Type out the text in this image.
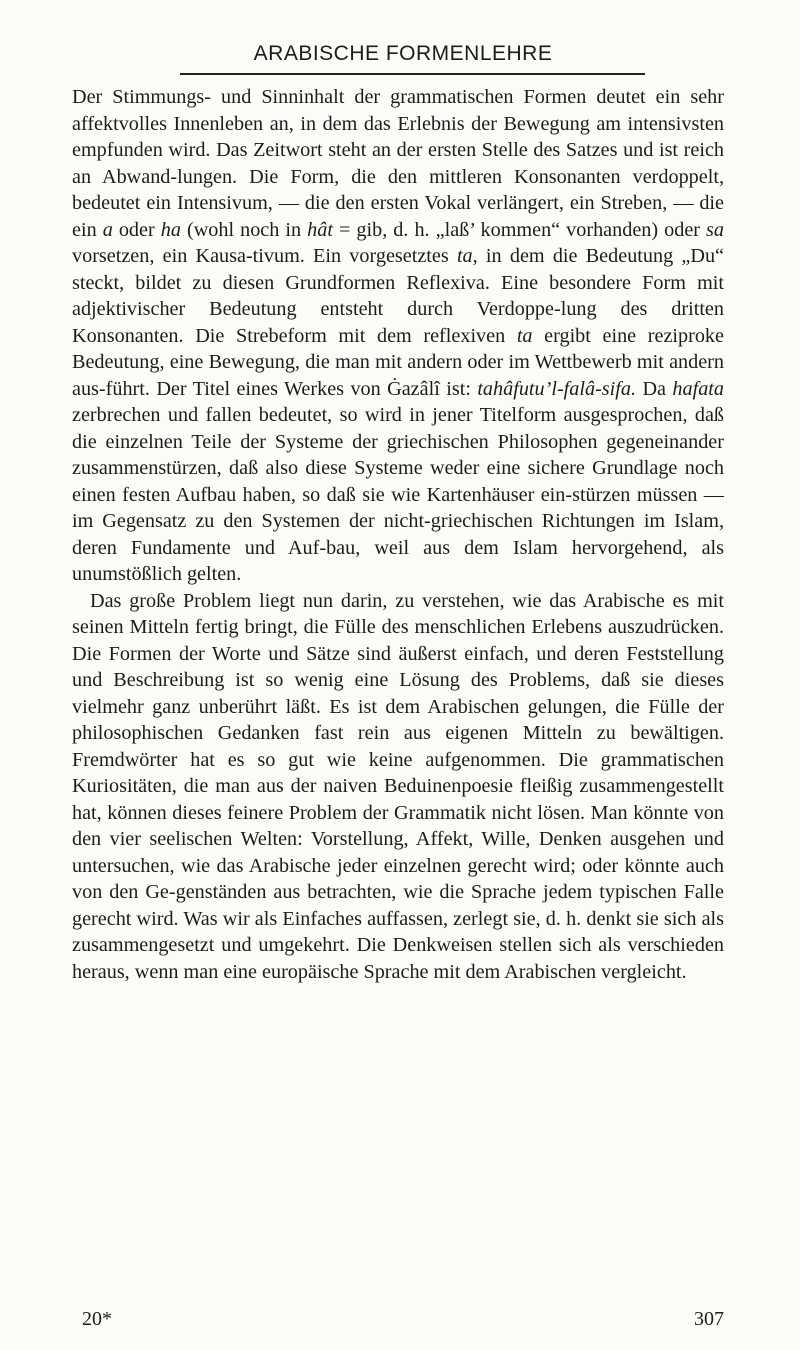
ARABISCHE FORMENLEHRE

Der Stimmungs- und Sinninhalt der grammatischen Formen deutet ein sehr affektvolles Innenleben an, in dem das Erlebnis der Bewegung am intensivsten empfunden wird. Das Zeitwort steht an der ersten Stelle des Satzes und ist reich an Abwand-lungen. Die Form, die den mittleren Konsonanten verdoppelt, bedeutet ein Intensivum, — die den ersten Vokal verlängert, ein Streben, — die ein a oder ha (wohl noch in hât = gib, d. h. „laß’ kommen“ vorhanden) oder sa vorsetzen, ein Kausa-tivum. Ein vorgesetztes ta, in dem die Bedeutung „Du“ steckt, bildet zu diesen Grundformen Reflexiva. Eine besondere Form mit adjektivischer Bedeutung entsteht durch Verdoppe-lung des dritten Konsonanten. Die Strebeform mit dem reflexiven ta ergibt eine reziproke Bedeutung, eine Bewegung, die man mit andern oder im Wettbewerb mit andern aus-führt. Der Titel eines Werkes von Ġazâlî ist: tahâfutu’l-falâ-sifa. Da hafata zerbrechen und fallen bedeutet, so wird in jener Titelform ausgesprochen, daß die einzelnen Teile der Systeme der griechischen Philosophen gegeneinander zusammenstürzen, daß also diese Systeme weder eine sichere Grundlage noch einen festen Aufbau haben, so daß sie wie Kartenhäuser ein-stürzen müssen — im Gegensatz zu den Systemen der nicht-griechischen Richtungen im Islam, deren Fundamente und Auf-bau, weil aus dem Islam hervorgehend, als unumstößlich gelten.

Das große Problem liegt nun darin, zu verstehen, wie das Arabische es mit seinen Mitteln fertig bringt, die Fülle des menschlichen Erlebens auszudrücken. Die Formen der Worte und Sätze sind äußerst einfach, und deren Feststellung und Beschreibung ist so wenig eine Lösung des Problems, daß sie dieses vielmehr ganz unberührt läßt. Es ist dem Arabischen gelungen, die Fülle der philosophischen Gedanken fast rein aus eigenen Mitteln zu bewältigen. Fremdwörter hat es so gut wie keine aufgenommen. Die grammatischen Kuriositäten, die man aus der naiven Beduinenpoesie fleißig zusammengestellt hat, können dieses feinere Problem der Grammatik nicht lösen. Man könnte von den vier seelischen Welten: Vorstellung, Affekt, Wille, Denken ausgehen und untersuchen, wie das Arabische jeder einzelnen gerecht wird; oder könnte auch von den Ge-genständen aus betrachten, wie die Sprache jedem typischen Falle gerecht wird. Was wir als Einfaches auffassen, zerlegt sie, d. h. denkt sie sich als zusammengesetzt und umgekehrt. Die Denkweisen stellen sich als verschieden heraus, wenn man eine europäische Sprache mit dem Arabischen vergleicht.

20*	307
